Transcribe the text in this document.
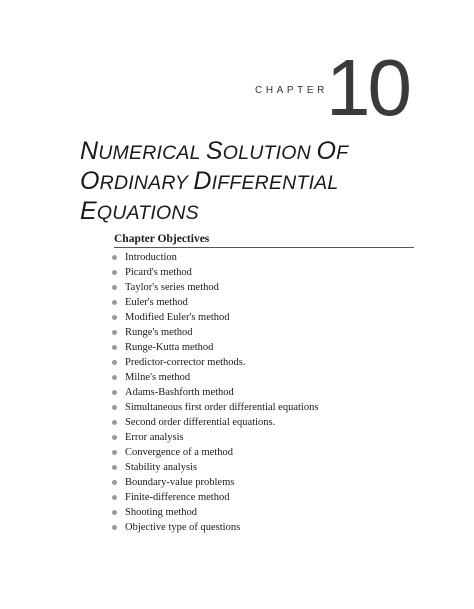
CHAPTER
10
NUMERICAL SOLUTION OF
ORDINARY DIFFERENTIAL
EQUATIONS
Chapter Objectives
Introduction
Picard's method
Taylor's series method
Euler's method
Modified Euler's method
Runge's method
Runge-Kutta method
Predictor-corrector methods.
Milne's method
Adams-Bashforth method
Simultaneous first order differential equations
Second order differential equations.
Error analysis
Convergence of a method
Stability analysis
Boundary-value problems
Finite-difference method
Shooting method
Objective type of questions
